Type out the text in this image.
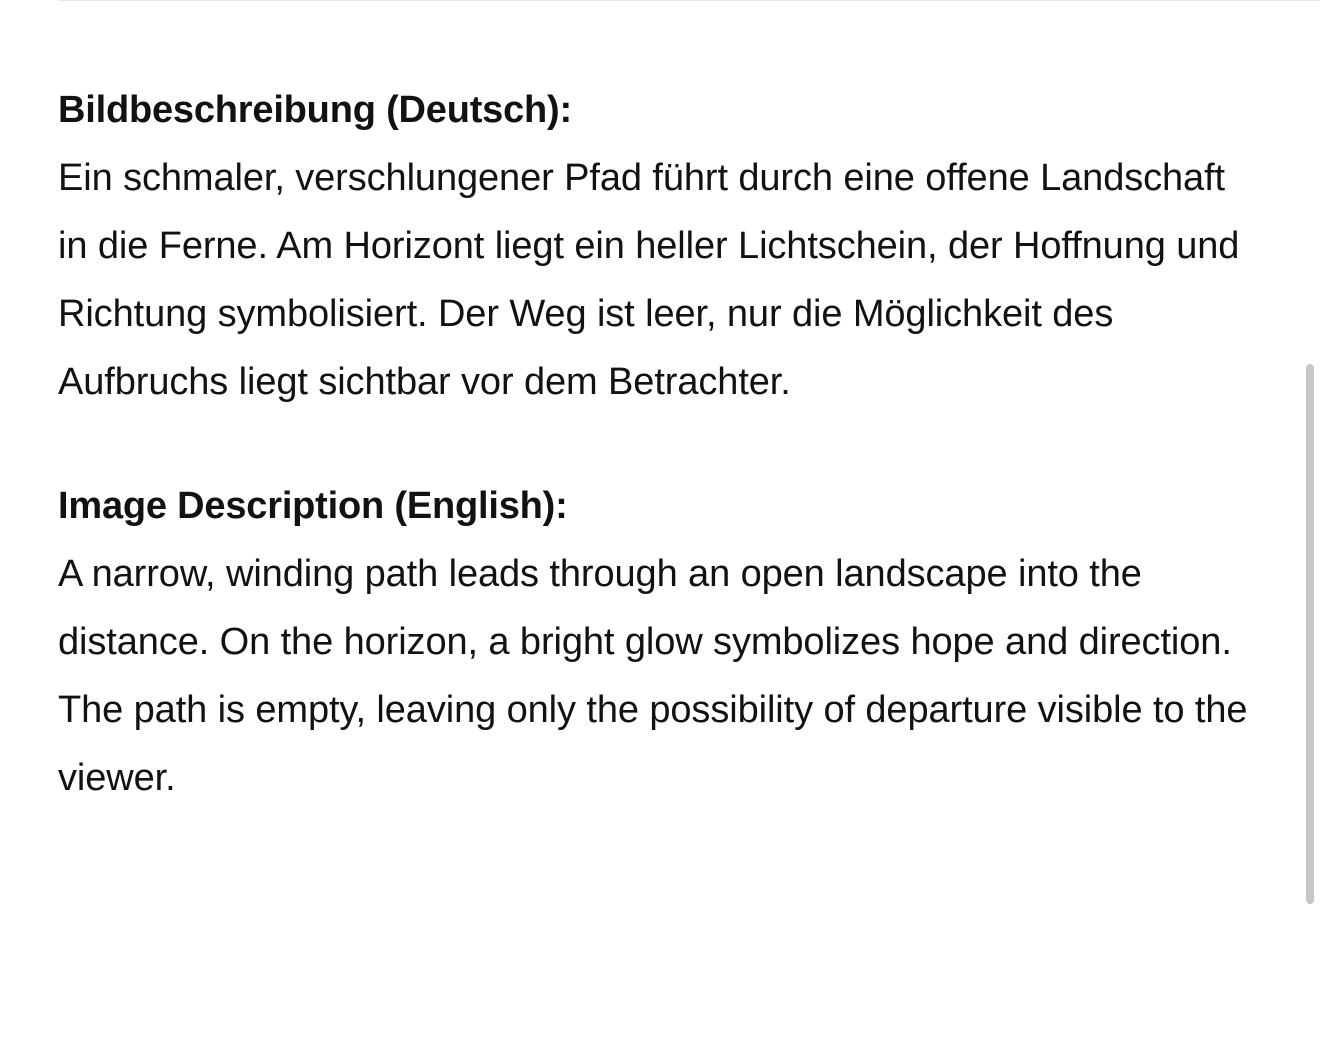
Bildbeschreibung (Deutsch):

Ein schmaler, verschlungener Pfad führt durch eine offene Landschaft in die Ferne. Am Horizont liegt ein heller Lichtschein, der Hoffnung und Richtung symbolisiert. Der Weg ist leer, nur die Möglichkeit des Aufbruchs liegt sichtbar vor dem Betrachter.

Image Description (English):

A narrow, winding path leads through an open landscape into the distance. On the horizon, a bright glow symbolizes hope and direction. The path is empty, leaving only the possibility of departure visible to the viewer.
